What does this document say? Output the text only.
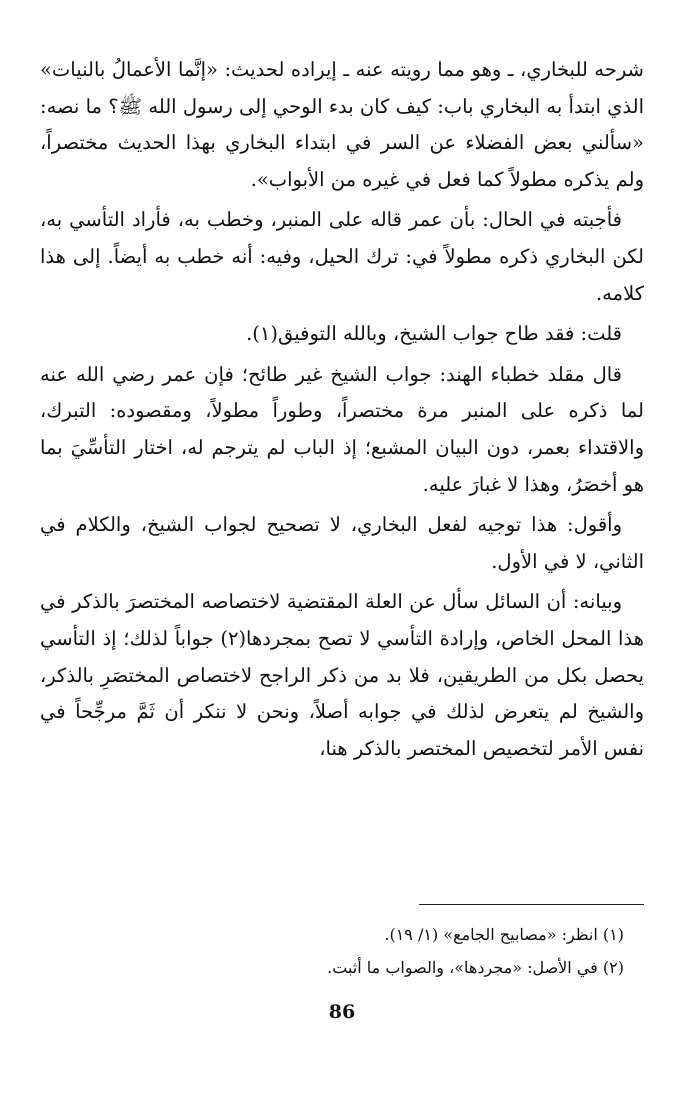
شرحه للبخاري، ـ وهو مما رويته عنه ـ إيراده لحديث: «إنَّما الأعمالُ بالنيات» الذي ابتدأ به البخاري باب: كيف كان بدء الوحي إلى رسول الله ﷺ؟ ما نصه: «سألني بعض الفضلاء عن السر في ابتداء البخاري بهذا الحديث مختصراً، ولم يذكره مطولاً كما فعل في غيره من الأبواب».

فأجبته في الحال: بأن عمر قاله على المنبر، وخطب به، فأراد التأسي به، لكن البخاري ذكره مطولاً في: ترك الحيل، وفيه: أنه خطب به أيضاً. إلى هذا كلامه.

قلت: فقد طاح جواب الشيخ، وبالله التوفيق(١).

قال مقلد خطباء الهند: جواب الشيخ غير طائح؛ فإن عمر رضي الله عنه لما ذكره على المنبر مرة مختصراً، وطوراً مطولاً، ومقصوده: التبرك، والاقتداء بعمر، دون البيان المشبع؛ إذ الباب لم يترجم له، اختار التأسِّيَ بما هو أخصَرُ، وهذا لا غبارَ عليه.

وأقول: هذا توجيه لفعل البخاري، لا تصحيح لجواب الشيخ، والكلام في الثاني، لا في الأول.

وبيانه: أن السائل سأل عن العلة المقتضية لاختصاصه المختصرَ بالذكر في هذا المحل الخاص، وإرادة التأسي لا تصح بمجردها(٢) جواباً لذلك؛ إذ التأسي يحصل بكل من الطريقين، فلا بد من ذكر الراجح لاختصاص المختصَرِ بالذكر، والشيخ لم يتعرض لذلك في جوابه أصلاً، ونحن لا ننكر أن ثَمَّ مرجِّحاً في نفس الأمر لتخصيص المختصر بالذكر هنا،

(١) انظر: «مصابيح الجامع» (١/ ١٩).

(٢) في الأصل: «مجردها»، والصواب ما أثبت.

86
